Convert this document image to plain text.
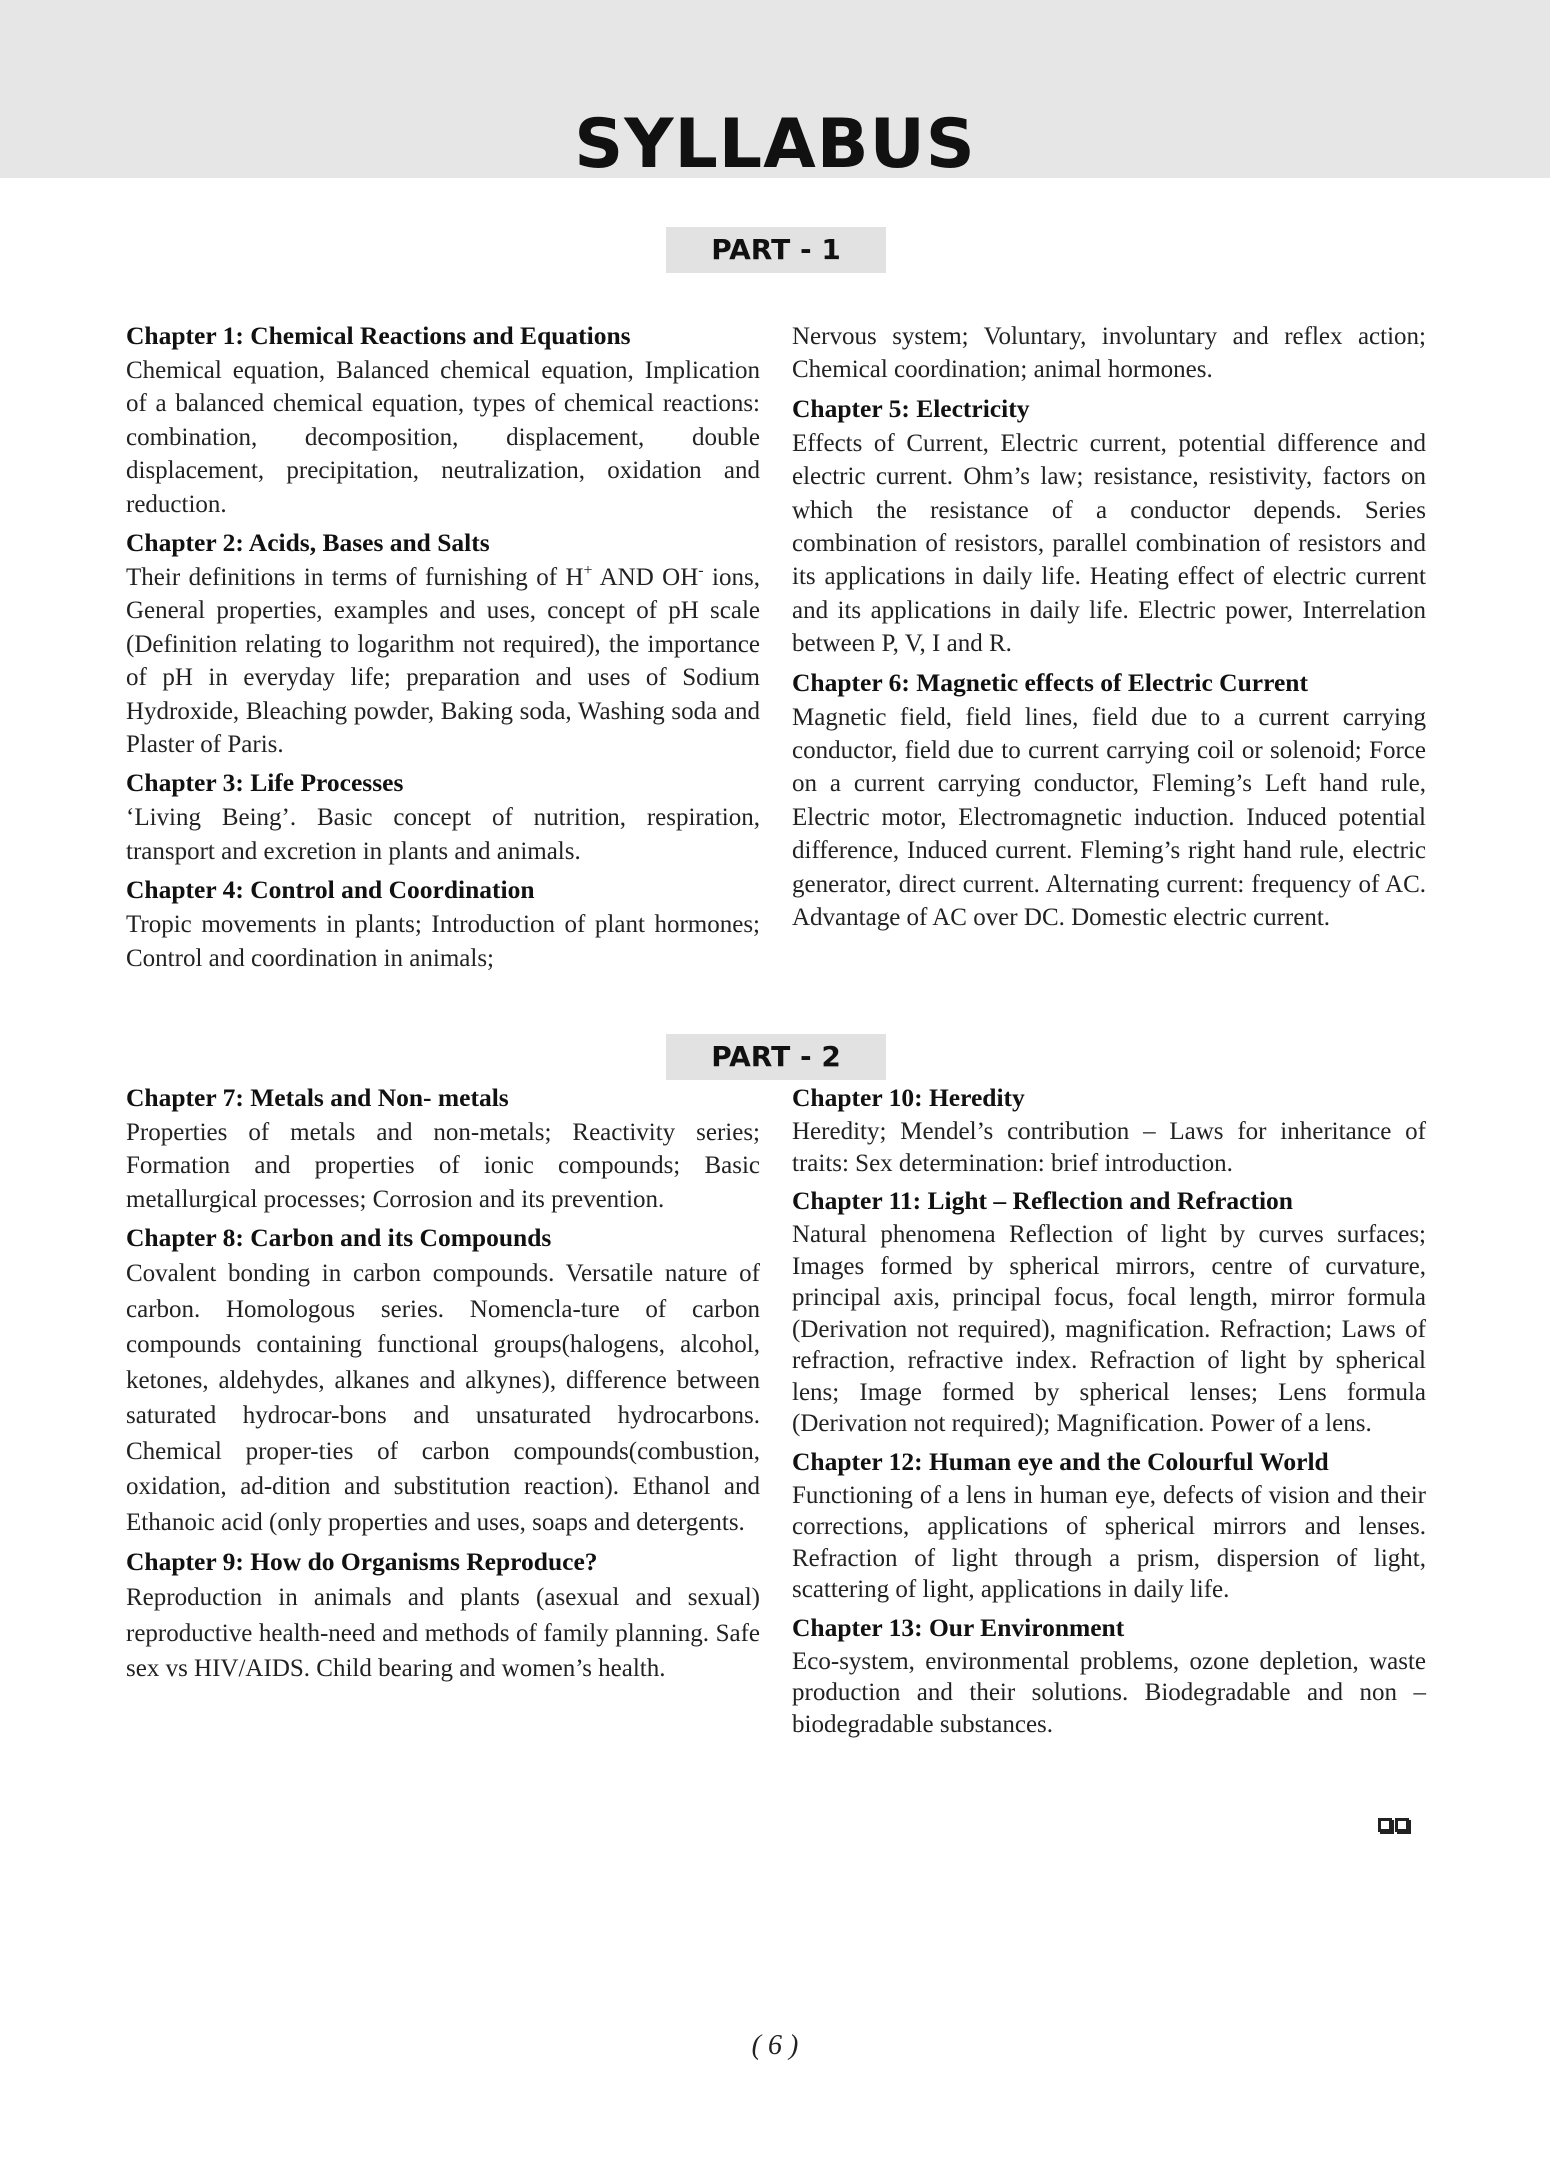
SYLLABUS
PART - 1

Chapter 1: Chemical Reactions and Equations

Chemical equation, Balanced chemical equation, Implication of a balanced chemical equation, types of chemical reactions: combination, decomposition, displacement, double displacement, precipitation, neutralization, oxidation and reduction.

Chapter 2: Acids, Bases and Salts

Their definitions in terms of furnishing of H+ AND OH- ions, General properties, examples and uses, concept of pH scale (Definition relating to logarithm not required), the importance of pH in everyday life; preparation and uses of Sodium Hydroxide, Bleaching powder, Baking soda, Washing soda and Plaster of Paris.

Chapter 3: Life Processes

‘Living Being’. Basic concept of nutrition, respiration, transport and excretion in plants and animals.

Chapter 4: Control and Coordination

Tropic movements in plants; Introduction of plant hormones; Control and coordination in animals;

Nervous system; Voluntary, involuntary and reflex action; Chemical coordination; animal hormones.

Chapter 5: Electricity

Effects of Current, Electric current, potential difference and electric current. Ohm’s law; resistance, resistivity, factors on which the resistance of a conductor depends. Series combination of resistors, parallel combination of resistors and its applications in daily life. Heating effect of electric current and its applications in daily life. Electric power, Interrelation between P, V, I and R.

Chapter 6: Magnetic effects of Electric Current

Magnetic field, field lines, field due to a current carrying conductor, field due to current carrying coil or solenoid; Force on a current carrying conductor, Fleming’s Left hand rule, Electric motor, Electromagnetic induction. Induced potential difference, Induced current. Fleming’s right hand rule, electric generator, direct current. Alternating current: frequency of AC. Advantage of AC over DC. Domestic electric current.

PART - 2

Chapter 7: Metals and Non- metals

Properties of metals and non-metals; Reactivity series; Formation and properties of ionic compounds; Basic metallurgical processes; Corrosion and its prevention.

Chapter 8: Carbon and its Compounds

Covalent bonding in carbon compounds. Versatile nature of carbon. Homologous series. Nomencla-ture of carbon compounds containing functional groups(halogens, alcohol, ketones, aldehydes, alkanes and alkynes), difference between saturated hydrocar-bons and unsaturated hydrocarbons. Chemical proper-ties of carbon compounds(combustion, oxidation, ad-dition and substitution reaction). Ethanol and Ethanoic acid (only properties and uses, soaps and detergents.

Chapter 9: How do Organisms Reproduce?

Reproduction in animals and plants (asexual and sexual) reproductive health-need and methods of family planning. Safe sex vs HIV/AIDS. Child bearing and women’s health.

Chapter 10: Heredity

Heredity; Mendel’s contribution – Laws for inheritance of traits: Sex determination: brief introduction.

Chapter 11: Light – Reflection and Refraction

Natural phenomena Reflection of light by curves surfaces; Images formed by spherical mirrors, centre of curvature, principal axis, principal focus, focal length, mirror formula (Derivation not required), magnification. Refraction; Laws of refraction, refractive index. Refraction of light by spherical lens; Image formed by spherical lenses; Lens formula (Derivation not required); Magnification. Power of a lens.

Chapter 12: Human eye and the Colourful World

Functioning of a lens in human eye, defects of vision and their corrections, applications of spherical mirrors and lenses. Refraction of light through a prism, dispersion of light, scattering of light, applications in daily life.

Chapter 13: Our Environment

Eco-system, environmental problems, ozone depletion, waste production and their solutions. Biodegradable and non – biodegradable substances.

( 6 )
